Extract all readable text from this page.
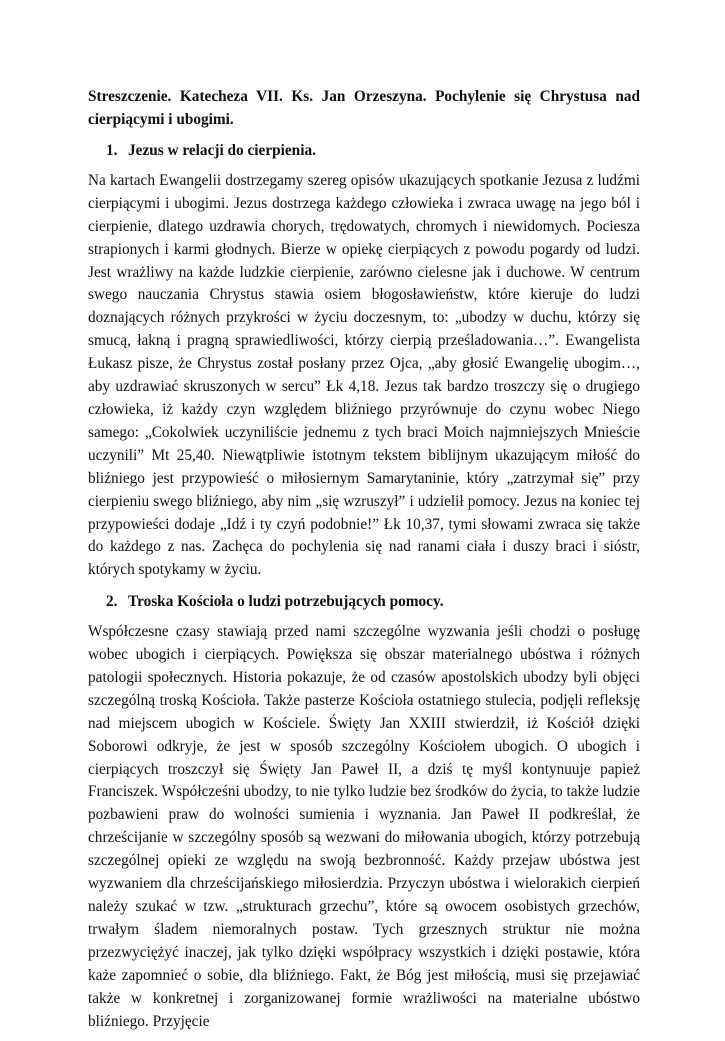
Streszczenie. Katecheza VII. Ks. Jan Orzeszyna. Pochylenie się Chrystusa nad cierpiącymi i ubogimi.

1. Jezus w relacji do cierpienia.

Na kartach Ewangelii dostrzegamy szereg opisów ukazujących spotkanie Jezusa z ludźmi cierpiącymi i ubogimi. Jezus dostrzega każdego człowieka i zwraca uwagę na jego ból i cierpienie, dlatego uzdrawia chorych, trędowatych, chromych i niewidomych. Pociesza strapionych i karmi głodnych. Bierze w opiekę cierpiących z powodu pogardy od ludzi. Jest wrażliwy na każde ludzkie cierpienie, zarówno cielesne jak i duchowe. W centrum swego nauczania Chrystus stawia osiem błogosławieństw, które kieruje do ludzi doznających różnych przykrości w życiu doczesnym, to: „ubodzy w duchu, którzy się smucą, łakną i pragną sprawiedliwości, którzy cierpią prześladowania…”. Ewangelista Łukasz pisze, że Chrystus został posłany przez Ojca, „aby głosić Ewangelię ubogim…, aby uzdrawiać skruszonych w sercu” Łk 4,18. Jezus tak bardzo troszczy się o drugiego człowieka, iż każdy czyn względem bliźniego przyrównuje do czynu wobec Niego samego: „Cokolwiek uczyniliście jednemu z tych braci Moich najmniejszych Mnieście uczynili” Mt 25,40. Niewątpliwie istotnym tekstem biblijnym ukazującym miłość do bliźniego jest przypowieść o miłosiernym Samarytaninie, który „zatrzymał się” przy cierpieniu swego bliźniego, aby nim „się wzruszył” i udzielił pomocy. Jezus na koniec tej przypowieści dodaje „Idź i ty czyń podobnie!” Łk 10,37, tymi słowami zwraca się także do każdego z nas. Zachęca do pochylenia się nad ranami ciała i duszy braci i sióstr, których spotykamy w życiu.

2. Troska Kościoła o ludzi potrzebujących pomocy.

Współczesne czasy stawiają przed nami szczególne wyzwania jeśli chodzi o posługę wobec ubogich i cierpiących. Powiększa się obszar materialnego ubóstwa i różnych patologii społecznych. Historia pokazuje, że od czasów apostolskich ubodzy byli objęci szczególną troską Kościoła. Także pasterze Kościoła ostatniego stulecia, podjęli refleksję nad miejscem ubogich w Kościele. Święty Jan XXIII stwierdził, iż Kościół dzięki Soborowi odkryje, że jest w sposób szczególny Kościołem ubogich. O ubogich i cierpiących troszczył się Święty Jan Paweł II, a dziś tę myśl kontynuuje papież Franciszek. Współcześni ubodzy, to nie tylko ludzie bez środków do życia, to także ludzie pozbawieni praw do wolności sumienia i wyznania. Jan Paweł II podkreślał, że chrześcijanie w szczególny sposób są wezwani do miłowania ubogich, którzy potrzebują szczególnej opieki ze względu na swoją bezbronność. Każdy przejaw ubóstwa jest wyzwaniem dla chrześcijańskiego miłosierdzia. Przyczyn ubóstwa i wielorakich cierpień należy szukać w tzw. „strukturach grzechu”, które są owocem osobistych grzechów, trwałym śladem niemoralnych postaw. Tych grzesznych struktur nie można przezwyciężyć inaczej, jak tylko dzięki współpracy wszystkich i dzięki postawie, która każe zapomnieć o sobie, dla bliźniego. Fakt, że Bóg jest miłością, musi się przejawiać także w konkretnej i zorganizowanej formie wrażliwości na materialne ubóstwo bliźniego. Przyjęcie
